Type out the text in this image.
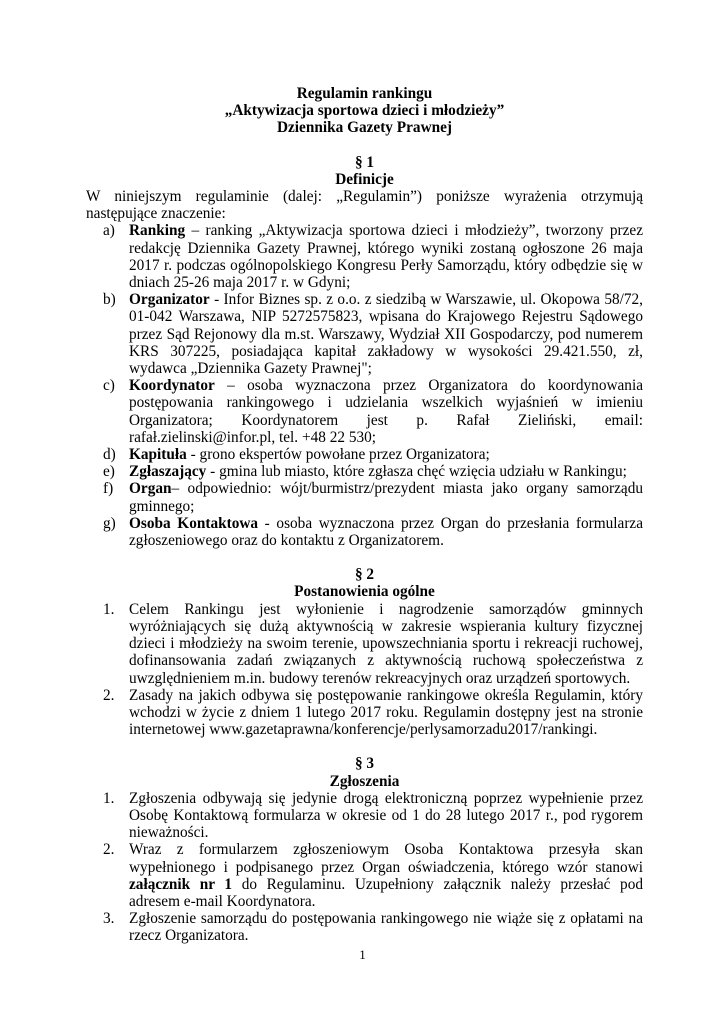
Regulamin rankingu
„Aktywizacja sportowa dzieci i młodzieży”
Dziennika Gazety Prawnej
§ 1
Definicje

W niniejszym regulaminie (dalej: „Regulamin”) poniższe wyrażenia otrzymują następujące znaczenie:

a) Ranking – ranking „Aktywizacja sportowa dzieci i młodzieży”, tworzony przez redakcję Dziennika Gazety Prawnej, którego wyniki zostaną ogłoszone 26 maja 2017 r. podczas ogólnopolskiego Kongresu Perły Samorządu, który odbędzie się w dniach 25-26 maja 2017 r. w Gdyni;
b) Organizator - Infor Biznes sp. z o.o. z siedzibą w Warszawie, ul. Okopowa 58/72, 01-042 Warszawa, NIP 5272575823, wpisana do Krajowego Rejestru Sądowego przez Sąd Rejonowy dla m.st. Warszawy, Wydział XII Gospodarczy, pod numerem KRS 307225, posiadająca kapitał zakładowy w wysokości 29.421.550, zł, wydawca „Dziennika Gazety Prawnej";
c) Koordynator – osoba wyznaczona przez Organizatora do koordynowania postępowania rankingowego i udzielania wszelkich wyjaśnień w imieniu Organizatora; Koordynatorem jest p. Rafał Zieliński, email: rafał.zielinski@infor.pl, tel. +48 22 530;
d) Kapituła - grono ekspertów powołane przez Organizatora;
e) Zgłaszający - gmina lub miasto, które zgłasza chęć wzięcia udziału w Rankingu;
f) Organ– odpowiednio: wójt/burmistrz/prezydent miasta jako organy samorządu gminnego;
g) Osoba Kontaktowa - osoba wyznaczona przez Organ do przesłania formularza zgłoszeniowego oraz do kontaktu z Organizatorem.
§ 2
Postanowienia ogólne
1. Celem Rankingu jest wyłonienie i nagrodzenie samorządów gminnych wyróżniających się dużą aktywnością w zakresie wspierania kultury fizycznej dzieci i młodzieży na swoim terenie, upowszechniania sportu i rekreacji ruchowej, dofinansowania zadań związanych z aktywnością ruchową społeczeństwa z uwzględnieniem m.in. budowy terenów rekreacyjnych oraz urządzeń sportowych.
2. Zasady na jakich odbywa się postępowanie rankingowe określa Regulamin, który wchodzi w życie z dniem 1 lutego 2017 roku. Regulamin dostępny jest na stronie internetowej www.gazetaprawna/konferencje/perlysamorzadu2017/rankingi.
§ 3
Zgłoszenia
1. Zgłoszenia odbywają się jedynie drogą elektroniczną poprzez wypełnienie przez Osobę Kontaktową formularza w okresie od 1 do 28 lutego 2017 r., pod rygorem nieważności.
2. Wraz z formularzem zgłoszeniowym Osoba Kontaktowa przesyła skan wypełnionego i podpisanego przez Organ oświadczenia, którego wzór stanowi załącznik nr 1 do Regulaminu. Uzupełniony załącznik należy przesłać pod adresem e-mail Koordynatora.
3. Zgłoszenie samorządu do postępowania rankingowego nie wiąże się z opłatami na rzecz Organizatora.
1
